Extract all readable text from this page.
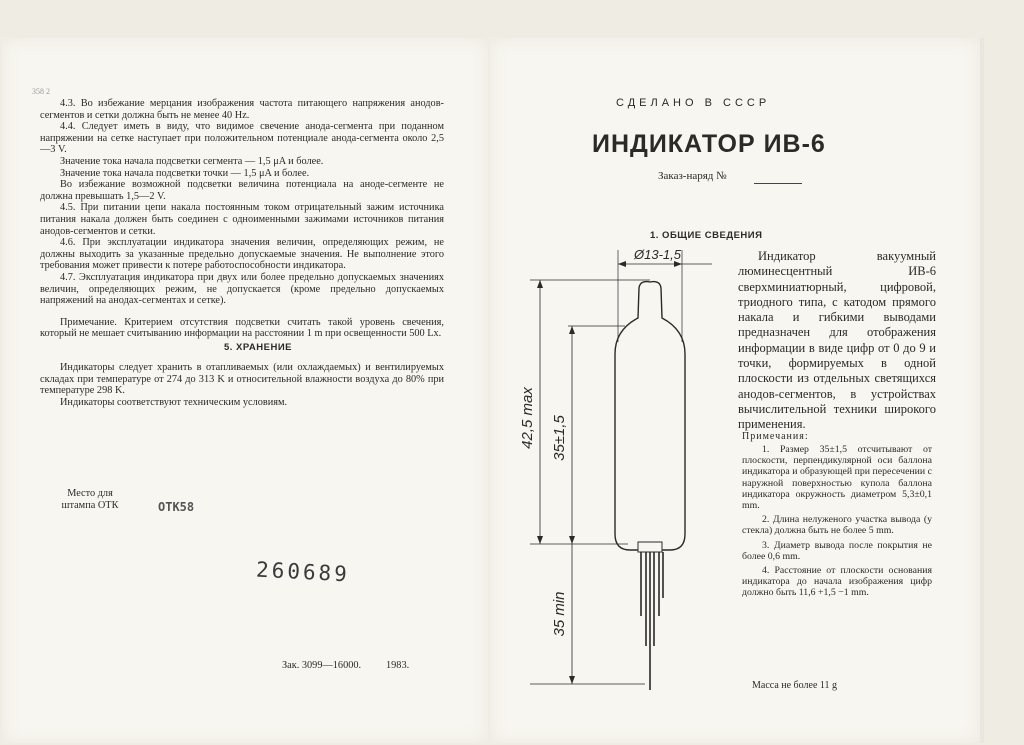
358 2

4.3. Во избежание мерцания изображения частота питающего напряжения анодов-сегментов и сетки должна быть не менее 40 Hz.

4.4. Следует иметь в виду, что видимое свечение анода-сегмента при поданном напряжении на сетке наступает при положительном потенциале анода-сегмента около 2,5—3 V.

Значение тока начала подсветки сегмента — 1,5 μA и более.

Значение тока начала подсветки точки — 1,5 μA и более.

Во избежание возможной подсветки величина потенциала на аноде-сегменте не должна превышать 1,5—2 V.

4.5. При питании цепи накала постоянным током отрицательный зажим источника питания накала должен быть соединен с одноименными зажимами источников питания анодов-сегментов и сетки.

4.6. При эксплуатации индикатора значения величин, определяющих режим, не должны выходить за указанные предельно допускаемые значения. Не выполнение этого требования может привести к потере работоспособности индикатора.

4.7. Эксплуатация индикатора при двух или более предельно допускаемых значениях величин, определяющих режим, не допускается (кроме предельно допускаемых напряжений на анодах-сегментах и сетке).

Примечание. Критерием отсутствия подсветки считать такой уровень свечения, который не мешает считыванию информации на расстоянии 1 m при освещенности 500 Lx.

5. ХРАНЕНИЕ

Индикаторы следует хранить в отапливаемых (или охлаждаемых) и вентилируемых складах при температуре от 274 до 313 K и относительной влажности воздуха до 80% при температуре 298 K.

Индикаторы соответствуют техническим условиям.

Место для штампа ОТК	ОТК58
260689
Зак. 3099—16000. 1983.
СДЕЛАНО В СССР
ИНДИКАТОР ИВ-6
Заказ-наряд №
1. ОБЩИЕ СВЕДЕНИЯ

Индикатор вакуумный люминесцентный ИВ-6 сверхминиатюрный, цифровой, триодного типа, с катодом прямого накала и гибкими выводами предназначен для отображения информации в виде цифр от 0 до 9 и точки, формируемых в одной плоскости из отдельных светящихся анодов-сегментов, в устройствах вычислительной техники широкого применения.

Примечания:

1. Размер 35±1,5 отсчитывают от плоскости, перпендикулярной оси баллона индикатора и образующей при пересечении с наружной поверхностью купола баллона индикатора окружность диаметром 5,3±0,1 mm.

2. Длина нелуженого участка вывода (у стекла) должна быть не более 5 mm.

3. Диаметр вывода после покрытия не более 0,6 mm.

4. Расстояние от плоскости основания индикатора до начала изображения цифр должно быть 11,6 +1,5 −1 mm.

Масса не более 11 g
Ø13-1,5
42,5 max 35±1,5
35 min
